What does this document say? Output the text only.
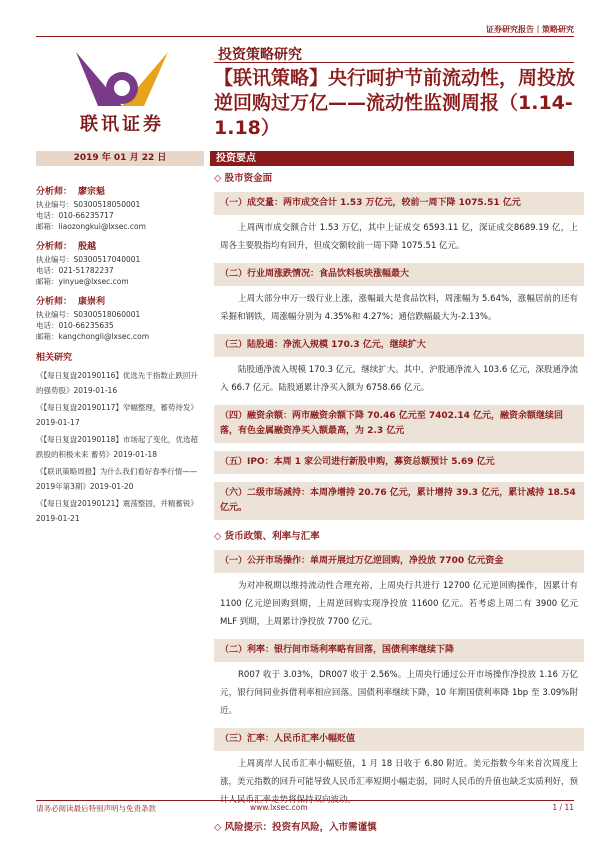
证券研究报告｜策略研究
联讯证券
投资策略研究
【联讯策略】央行呵护节前流动性，周投放逆回购过万亿——流动性监测周报（1.14-1.18）
2019 年 01 月 22 日	投资要点
分析师： 廖宗魁
执业编号：S0300518050001
电话：010-66235717
邮箱：liaozongkui@lxsec.com
分析师： 殷越
执业编号：S0300517040001
电话：021-51782237
邮箱：yinyue@lxsec.com
分析师： 康崇利
执业编号：S0300518060001
电话：010-66235635
邮箱：kangchongli@lxsec.com
相关研究
《【每日复盘20190116】优选先于指数止跌回升的强势股》2019-01-16
《【每日复盘20190117】窄幅整理，蓄势待发》2019-01-17
《【每日复盘20190118】市场起了变化，优选超跌股的积极未来 蓄势》2019-01-18
《【联讯策略周报】为什么我们看好春季行情——2019年第3期》2019-01-20
《【每日复盘20190121】震荡整固，并精蓄锐》2019-01-21
◇ 股市资金面
（一）成交量：两市成交合计 1.53 万亿元，较前一周下降 1075.51 亿元
上周两市成交额合计 1.53 万亿，其中上证成交 6593.11 亿，深证成交8689.19 亿，上周各主要股指均有回升，但成交额较前一周下降 1075.51 亿元。
（二）行业周涨跌情况：食品饮料板块涨幅最大
上周大部分申万一级行业上涨，涨幅最大是食品饮料，周涨幅为 5.64%，涨幅居前的还有采掘和钢铁，周涨幅分别为 4.35%和 4.27%；通信跌幅最大为-2.13%。
（三）陆股通：净流入规模 170.3 亿元，继续扩大
陆股通净流入规模 170.3 亿元，继续扩大。其中，沪股通净流入 103.6 亿元，深股通净流入 66.7 亿元。陆股通累计净买入额为 6758.66 亿元。
（四）融资余额：两市融资余额下降 70.46 亿元至 7402.14 亿元，融资余额继续回落，有色金属融资净买入额最高，为 2.3 亿元
（五）IPO：本周 1 家公司进行新股申购，募资总额预计 5.69 亿元
（六）二级市场减持：本周净增持 20.76 亿元，累计增持 39.3 亿元，累计减持 18.54 亿元。
◇ 货币政策、利率与汇率
（一）公开市场操作：单周开展过万亿逆回购，净投放 7700 亿元资金
为对冲税期以维持流动性合理充裕，上周央行共进行 12700 亿元逆回购操作，因累计有 1100 亿元逆回购到期，上周逆回购实现净投放 11600 亿元。若考虑上周二有 3900 亿元 MLF 到期，上周累计净投放 7700 亿元。
（二）利率：银行间市场利率略有回落，国债利率继续下降
R007 收于 3.03%，DR007 收于 2.56%。上周央行通过公开市场操作净投放 1.16 万亿元，银行间同业拆借利率相应回落。国债利率继续下降，10 年期国债利率降 1bp 至 3.09%附近。
（三）汇率：人民币汇率小幅贬值
上周离岸人民币汇率小幅贬值，1 月 18 日收于 6.80 附近。美元指数今年来首次周度上涨，美元指数的回升可能导致人民币汇率短期小幅走弱，同时人民币的升值也缺乏实质利好，预计人民币汇率走势将保持双向波动。
◇ 风险提示：投资有风险，入市需谨慎
请务必阅读最后特别声明与免责条款	www.lxsec.com	1 / 11
